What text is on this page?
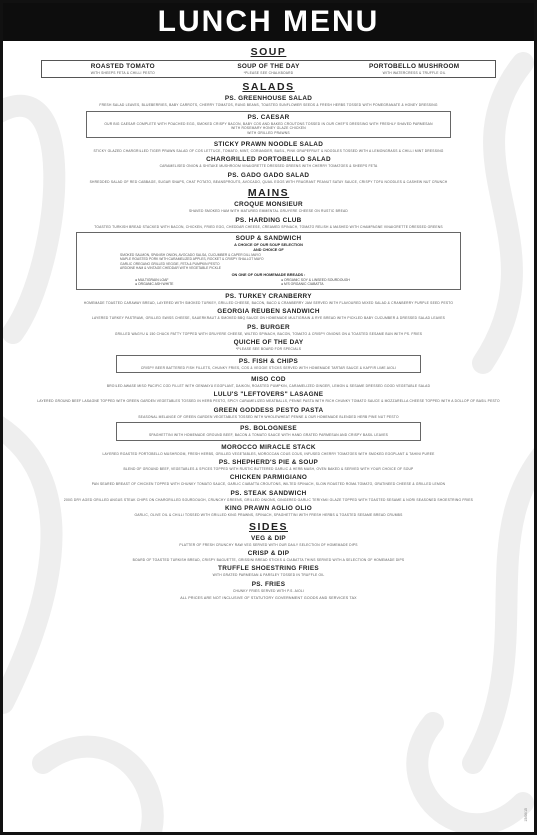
LUNCH MENU
SOUP
ROASTED TOMATO
WITH SHEEPS FETA & CHILLI PESTO
SOUP OF THE DAY
*PLEASE SEE CHALKBOARD
PORTOBELLO MUSHROOM
WITH WATERCRESS & TRUFFLE OIL
SALADS
PS. GREENHOUSE SALAD
FRESH SALAD LEAVES, BLUEBERRIES, BABY CARROTS, CHERRY TOMATOS, RUNG BEANS, TOASTED SUNFLOWER SEEDS & FRESH HERBS TOSSED WITH POMEGRANATE & HONEY DRESSING
PS. CAESAR
OUR BIG CAESAR COMPLETE WITH POACHED EGG, SMOKED CRISPY BACON, BABY COS AND BAKED CROUTONS TOSSED IN OUR CHEF'S DRESSING WITH FRESHLY SHAVED PARMESAN
WITH ROSEMARY HONEY GLAZE CHICKEN
WITH GRILLED PRAWNS
STICKY PRAWN NOODLE SALAD
STICKY GLAZED CHARGRILLED TIGER PRAWN SALAD OF COS LETTUCE, TOMATO, MINT, CORIANDER, BASIL, PINK GRAPEFRUIT & NOODLES TOSSED WITH A LEMONGRASS & CHILLI MINT DRESSING
CHARGRILLED PORTOBELLO SALAD
CARAMELISED ONION & SHITAKE MUSHROOM VINAIGRETTE DRESSED GREENS WITH CHERRY TOMATOES & SHEEPS FETA
PS. GADO GADO SALAD
SHREDDED SALAD OF RED CABBAGE, SUGAR SNAPS, CHAT POTATO, BEANSPROUTS, AVOCADO, QUAIL EGGS WITH FRAGRANT PEANUT SATAY SAUCE, CRISPY TOFU NOODLES & CASHEW NUT CRUNCH
MAINS
CROQUE MONSIEUR
SHAVED SMOKED HAM WITH MATURED EMMENTAL GRUYERE CHEESE ON RUSTIC BREAD
PS. HARDING CLUB
TOASTED TURKISH BREAD STACKED WITH BACON, CHICKEN, FRIED EGG, CHEDDAR CHEESE, CREAMED SPINACH, TOMATO RELISH & MASHED WITH CHAMPAGNE VINAIGRETTE DRESSED GREENS
SOUP & SANDWICH
A CHOICE OF OUR SOUP SELECTION
AND CHOICE OF
SMOKED SALMON, SPANISH ONION, AVOCADO SALSA, CUCUMBER & CAPER DILL MAYO
MAPLE ROASTED PORK WITH CARAMELIZED APPLES, ROCKET & CRISPY SHALLOT MAYO
GARLIC OREGANO GRILLED VEGGIE, FETA & PUMPKIN PESTO
ARDOINE HAM & VINTAGE CHEDDAR WITH VEGETABLE PICKLE
ON ONE OF OUR HOMEMADE BREADS :
● MULTIGRAIN LOAF	● ORGANIC SOY & LINSEED SOURDOUGH
● ORGANIC ASH WHITE	● M'S ORGANIC CIABATTA
PS. TURKEY CRANBERRY
HOMEMADE TOASTED CARAWAY BREAD, LAYERED WITH SMOKED TURKEY, GRILLED CHEESE, BACON, BACO & CRANBERRY JAM SERVED WITH FLAVOURED MIXED SALAD & CRANBERRY PURPLE SEED PESTO
GEORGIA REUBEN SANDWICH
LAYERED TURKEY PASTRAMI, GRILLED SWISS CHEESE, SAUERKRAUT & SMOKED BBQ SAUCE ON HOMEMADE MULTIGRAIN & RYE BREAD WITH PICKLED BABY CUCUMBER & DRESSED SALAD LEAVES
PS. BURGER
GRILLED WAGYU & 150 CHUCK PATTY TOPPED WITH GRUYERE CHEESE, WILTED SPINACH, BACON, TOMATO & CRISPY ONIONS ON A TOASTED SESAME BUN WITH PS. FRIES
QUICHE OF THE DAY
*PLEASE SEE BOARD FOR SPECIALS
PS. FISH & CHIPS
CRISPY BEER BATTERED FISH FILLETS, CHUNKY FRIES, COS & VEGGIE STICKS SERVED WITH HOMEMADE TARTAR SAUCE & KAFFIR LIME AIOLI
MISO COD
BROILED AWASE MISO PACIFIC COD FILLET WITH GENMAYU EGGPLANT, DAIKON, ROASTED PUMPKIN, CARAMELIZED GINGER, LEMON & SESAME DRESSED GOOD VEGETABLE SALAD
LULU'S "LEFTOVERS" LASAGNE
LAYERED GROUND BEEF LASAGNE TOPPED WITH GREEN GARDEN VEGETABLES TOSSED IN HERB PESTO, SPICY CARAMELIZED MEATBALLS, PENNE PASTA WITH RICH CHUNKY TOMATO SAUCE & MOZZARELLA CHEESE TOPPED WITH A DOLLOP OF BASIL PESTO
GREEN GODDESS PESTO PASTA
SEASONAL MELANGE OF GREEN GARDEN VEGETABLES TOSSED WITH WHOLEWHEAT PENNE & OUR HOMEMADE BLENDED HERB PINE NUT PESTO
PS. BOLOGNESE
SPAGHETTINI WITH HOMEMADE GROUND BEEF, BACON & TOMATO SAUCE WITH HAND GRATED PARMESAN AND CRISPY BASIL LEAVES
MOROCCO MIRACLE STACK
LAYERED ROASTED PORTOBELLO MUSHROOM, FRESH HERBS, GRILLED VEGETABLES, MOROCCAN COUS COUS, INFUSED CHERRY TOMATOES WITH SMOKED EGGPLANT & TAHINI PUREE
PS. SHEPHERD'S PIE & SOUP
BLEND OF GROUND BEEF, VEGETABLES & SPICES TOPPED WITH RUSTIC BUTTERED GARLIC & HERB MASH, OVEN BAKED & SERVED WITH YOUR CHOICE OF SOUP
CHICKEN PARMIGIANO
PAN SEARED BREAST OF CHICKEN TOPPED WITH CHUNKY TOMATO SAUCE, GARLIC CIABATTA CROUTONS, WILTED SPINACH, SLOW ROASTED ROMA TOMATO, GRATINEED CHEESE & GRILLED LEMON
PS. STEAK SANDWICH
200G DRY AGED GRILLED ANGUS STEAK CHIPS ON CHARGRILLED SOURDOUGH, CRUNCHY GREENS, GRILLED ONIONS, GINGERED GARLIC TERIYAKI GLAZE TOPPED WITH TOASTED SESAME & NORI SEASONED SHOESTRING FRIES
KING PRAWN AGLIO OLIO
GARLIC, OLIVE OIL & CHILLI TOSSED WITH GRILLED KING PRAWNS, SPINACH, SPAGHETTINI WITH FRESH HERBS & TOASTED SESAME BREAD CRUMBS
SIDES
VEG & DIP
PLATTER OF FRESH CRUNCHY RAW VEG SERVED WITH OUR DAILY SELECTION OF HOMEMADE DIPS
CRISP & DIP
BOARD OF TOASTED TURKISH BREAD, CRISPY BAGUETTE, GRISSINI BREAD STICKS & CIABATTA THINS SERVED WITH A SELECTION OF HOMEMADE DIPS
TRUFFLE SHOESTRING FRIES
WITH GRATED PARMESAN & PARSLEY TOSSED IN TRUFFLE OIL
PS. FRIES
CHUNKY FRIES SERVED WITH P.S. AIOLI
ALL PRICES ARE NOT INCLUSIVE OF STATUTORY GOVERNMENT GOODS AND SERVICES TAX
15/06/15
